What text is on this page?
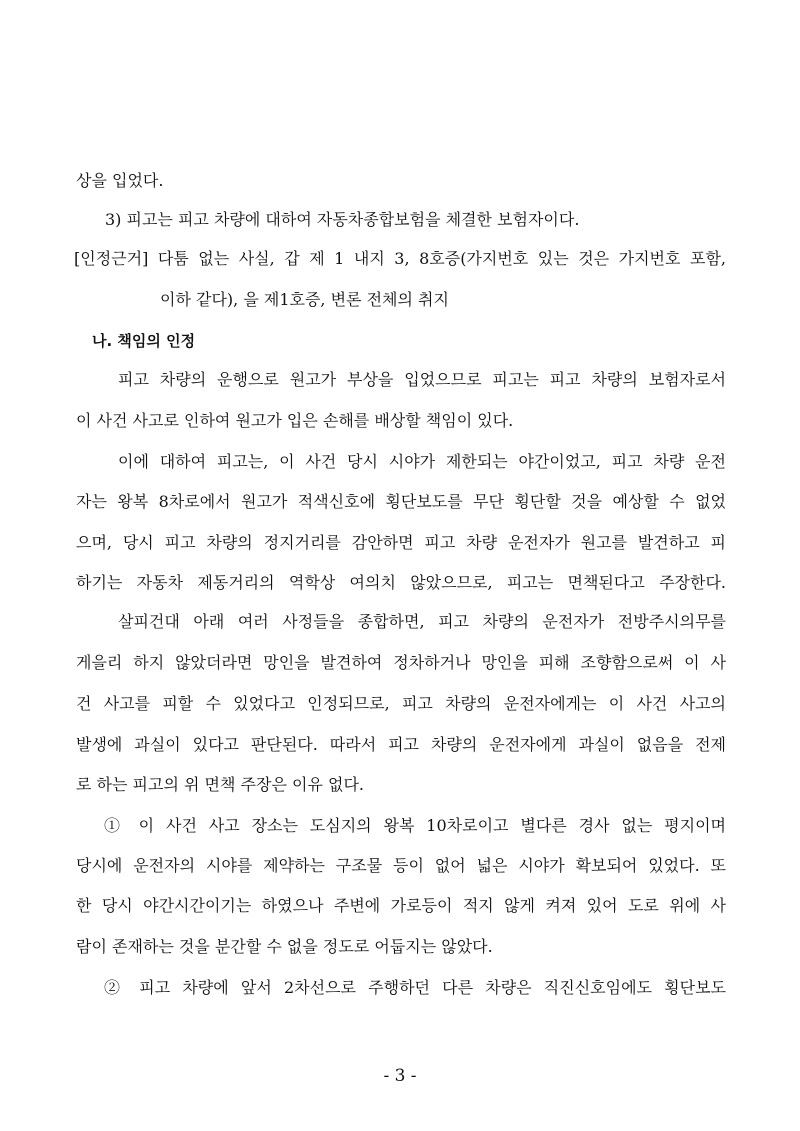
상을 입었다.
3) 피고는 피고 차량에 대하여 자동차종합보험을 체결한 보험자이다.
[인정근거] 다툼 없는 사실, 갑 제 1 내지 3, 8호증(가지번호 있는 것은 가지번호 포함,
이하 같다), 을 제1호증, 변론 전체의 취지
나. 책임의 인정
피고 차량의 운행으로 원고가 부상을 입었으므로 피고는 피고 차량의 보험자로서
이 사건 사고로 인하여 원고가 입은 손해를 배상할 책임이 있다.
이에 대하여 피고는, 이 사건 당시 시야가 제한되는 야간이었고, 피고 차량 운전
자는 왕복 8차로에서 원고가 적색신호에 횡단보도를 무단 횡단할 것을 예상할 수 없었
으며, 당시 피고 차량의 정지거리를 감안하면 피고 차량 운전자가 원고를 발견하고 피
하기는 자동차 제동거리의 역학상 여의치 않았으므로, 피고는 면책된다고 주장한다.
살피건대 아래 여러 사정들을 종합하면, 피고 차량의 운전자가 전방주시의무를
게을리 하지 않았더라면 망인을 발견하여 정차하거나 망인을 피해 조향함으로써 이 사
건 사고를 피할 수 있었다고 인정되므로, 피고 차량의 운전자에게는 이 사건 사고의
발생에 과실이 있다고 판단된다. 따라서 피고 차량의 운전자에게 과실이 없음을 전제
로 하는 피고의 위 면책 주장은 이유 없다.
① 이 사건 사고 장소는 도심지의 왕복 10차로이고 별다른 경사 없는 평지이며
당시에 운전자의 시야를 제약하는 구조물 등이 없어 넓은 시야가 확보되어 있었다. 또
한 당시 야간시간이기는 하였으나 주변에 가로등이 적지 않게 켜져 있어 도로 위에 사
람이 존재하는 것을 분간할 수 없을 정도로 어둡지는 않았다.
② 피고 차량에 앞서 2차선으로 주행하던 다른 차량은 직진신호임에도 횡단보도
- 3 -
